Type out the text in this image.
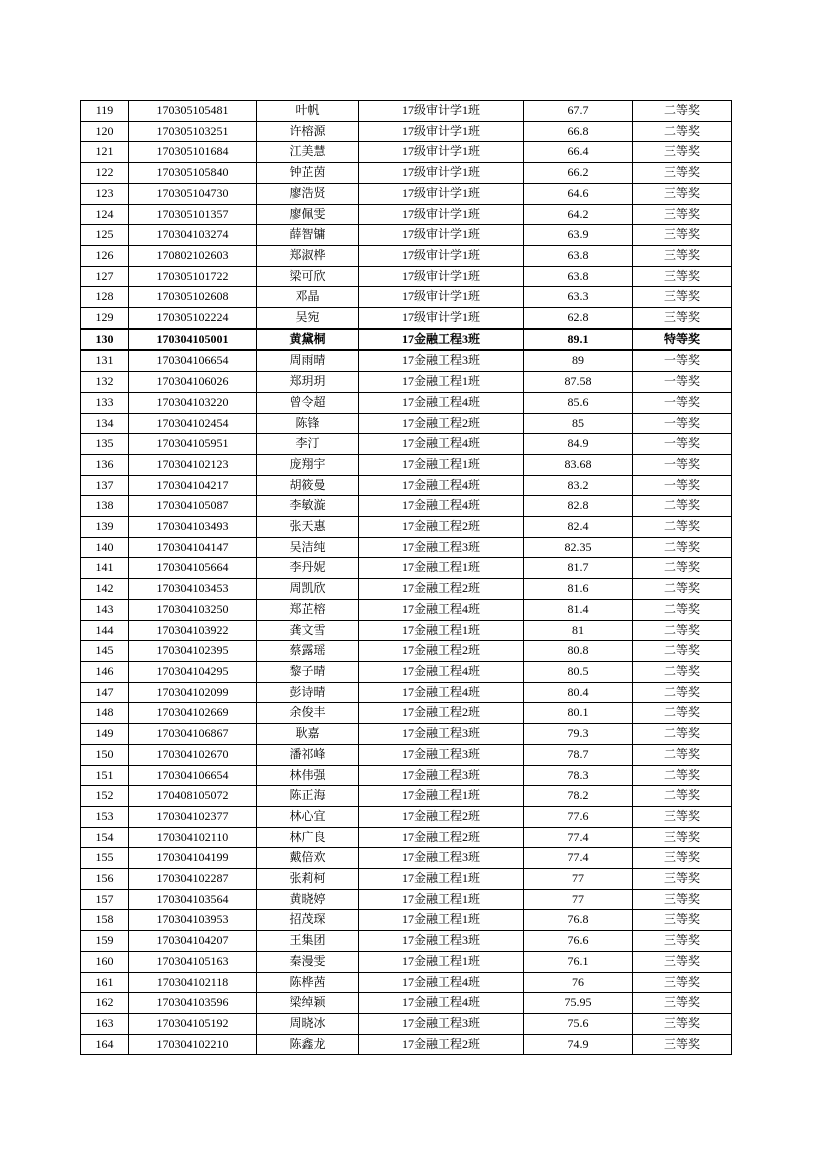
119	170305105481	叶帆	17级审计学1班	67.7	二等奖
120	170305103251	许榕源	17级审计学1班	66.8	二等奖
121	170305101684	江美慧	17级审计学1班	66.4	三等奖
122	170305105840	钟芷茵	17级审计学1班	66.2	三等奖
123	170305104730	廖浩贤	17级审计学1班	64.6	三等奖
124	170305101357	廖佩雯	17级审计学1班	64.2	三等奖
125	170304103274	薛智镛	17级审计学1班	63.9	三等奖
126	170802102603	郑淑桦	17级审计学1班	63.8	三等奖
127	170305101722	梁可欣	17级审计学1班	63.8	三等奖
128	170305102608	邓晶	17级审计学1班	63.3	三等奖
129	170305102224	吴宛	17级审计学1班	62.8	三等奖
130	170304105001	黄黛桐	17金融工程3班	89.1	特等奖
131	170304106654	周雨晴	17金融工程3班	89	一等奖
132	170304106026	郑玥玥	17金融工程1班	87.58	一等奖
133	170304103220	曾令超	17金融工程4班	85.6	一等奖
134	170304102454	陈锋	17金融工程2班	85	一等奖
135	170304105951	李汀	17金融工程4班	84.9	一等奖
136	170304102123	庞翔宇	17金融工程1班	83.68	一等奖
137	170304104217	胡筱曼	17金融工程4班	83.2	一等奖
138	170304105087	李敏漩	17金融工程4班	82.8	二等奖
139	170304103493	张天惠	17金融工程2班	82.4	二等奖
140	170304104147	吴洁纯	17金融工程3班	82.35	二等奖
141	170304105664	李丹妮	17金融工程1班	81.7	二等奖
142	170304103453	周凯欣	17金融工程2班	81.6	二等奖
143	170304103250	郑芷榕	17金融工程4班	81.4	二等奖
144	170304103922	龚文雪	17金融工程1班	81	二等奖
145	170304102395	蔡露瑶	17金融工程2班	80.8	二等奖
146	170304104295	黎子晴	17金融工程4班	80.5	二等奖
147	170304102099	彭诗晴	17金融工程4班	80.4	二等奖
148	170304102669	余俊丰	17金融工程2班	80.1	二等奖
149	170304106867	耿嘉	17金融工程3班	79.3	二等奖
150	170304102670	潘祁峰	17金融工程3班	78.7	二等奖
151	170304106654	林伟强	17金融工程3班	78.3	二等奖
152	170408105072	陈正海	17金融工程1班	78.2	二等奖
153	170304102377	林心宜	17金融工程2班	77.6	三等奖
154	170304102110	林广良	17金融工程2班	77.4	三等奖
155	170304104199	戴倍欢	17金融工程3班	77.4	三等奖
156	170304102287	张莉柯	17金融工程1班	77	三等奖
157	170304103564	黄晓婷	17金融工程1班	77	三等奖
158	170304103953	招茂琛	17金融工程1班	76.8	三等奖
159	170304104207	王集团	17金融工程3班	76.6	三等奖
160	170304105163	秦漫雯	17金融工程1班	76.1	三等奖
161	170304102118	陈桦茜	17金融工程4班	76	三等奖
162	170304103596	梁绰颖	17金融工程4班	75.95	三等奖
163	170304105192	周晓冰	17金融工程3班	75.6	三等奖
164	170304102210	陈鑫龙	17金融工程2班	74.9	三等奖
